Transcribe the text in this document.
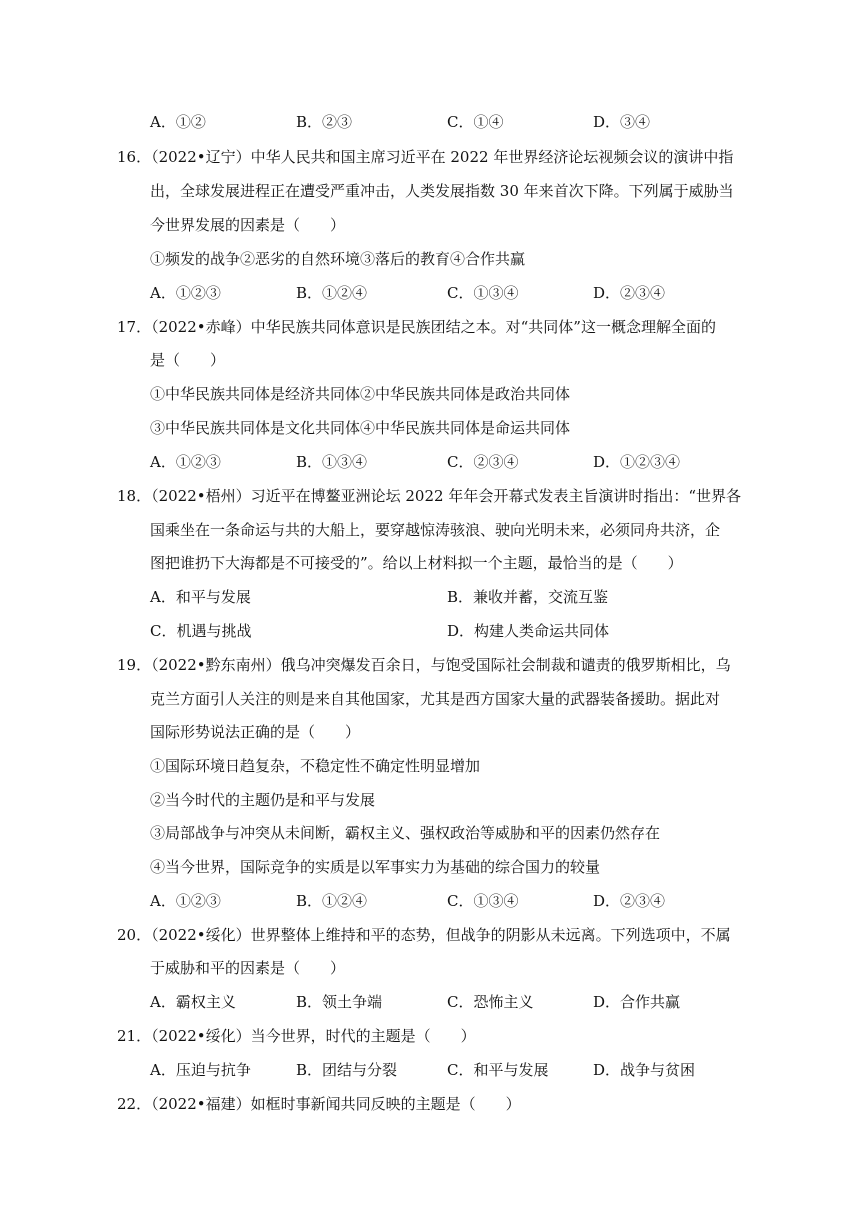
A．①②	B．②③	C．①④	D．③④
16．（2022•辽宁）中华人民共和国主席习近平在 2022 年世界经济论坛视频会议的演讲中指
出，全球发展进程正在遭受严重冲击，人类发展指数 30 年来首次下降。下列属于威胁当
今世界发展的因素是（　　）
①频发的战争②恶劣的自然环境③落后的教育④合作共赢
A．①②③	B．①②④	C．①③④	D．②③④
17．（2022•赤峰）中华民族共同体意识是民族团结之本。对“共同体”这一概念理解全面的
是（　　）
①中华民族共同体是经济共同体②中华民族共同体是政治共同体
③中华民族共同体是文化共同体④中华民族共同体是命运共同体
A．①②③	B．①③④	C．②③④	D．①②③④
18．（2022•梧州）习近平在博鳌亚洲论坛 2022 年年会开幕式发表主旨演讲时指出：“世界各
国乘坐在一条命运与共的大船上，要穿越惊涛骇浪、驶向光明未来，必须同舟共济，企
图把谁扔下大海都是不可接受的”。给以上材料拟一个主题，最恰当的是（　　）
A．和平与发展	B．兼收并蓄，交流互鉴
C．机遇与挑战	D．构建人类命运共同体
19．（2022•黔东南州）俄乌冲突爆发百余日，与饱受国际社会制裁和谴责的俄罗斯相比，乌
克兰方面引人关注的则是来自其他国家，尤其是西方国家大量的武器装备援助。据此对
国际形势说法正确的是（　　）
①国际环境日趋复杂，不稳定性不确定性明显增加
②当今时代的主题仍是和平与发展
③局部战争与冲突从未间断，霸权主义、强权政治等威胁和平的因素仍然存在
④当今世界，国际竞争的实质是以军事实力为基础的综合国力的较量
A．①②③	B．①②④	C．①③④	D．②③④
20．（2022•绥化）世界整体上维持和平的态势，但战争的阴影从未远离。下列选项中，不属
于威胁和平的因素是（　　）
A．霸权主义	B．领土争端	C．恐怖主义	D．合作共赢
21．（2022•绥化）当今世界，时代的主题是（　　）
A．压迫与抗争	B．团结与分裂	C．和平与发展	D．战争与贫困
22．（2022•福建）如框时事新闻共同反映的主题是（　　）
